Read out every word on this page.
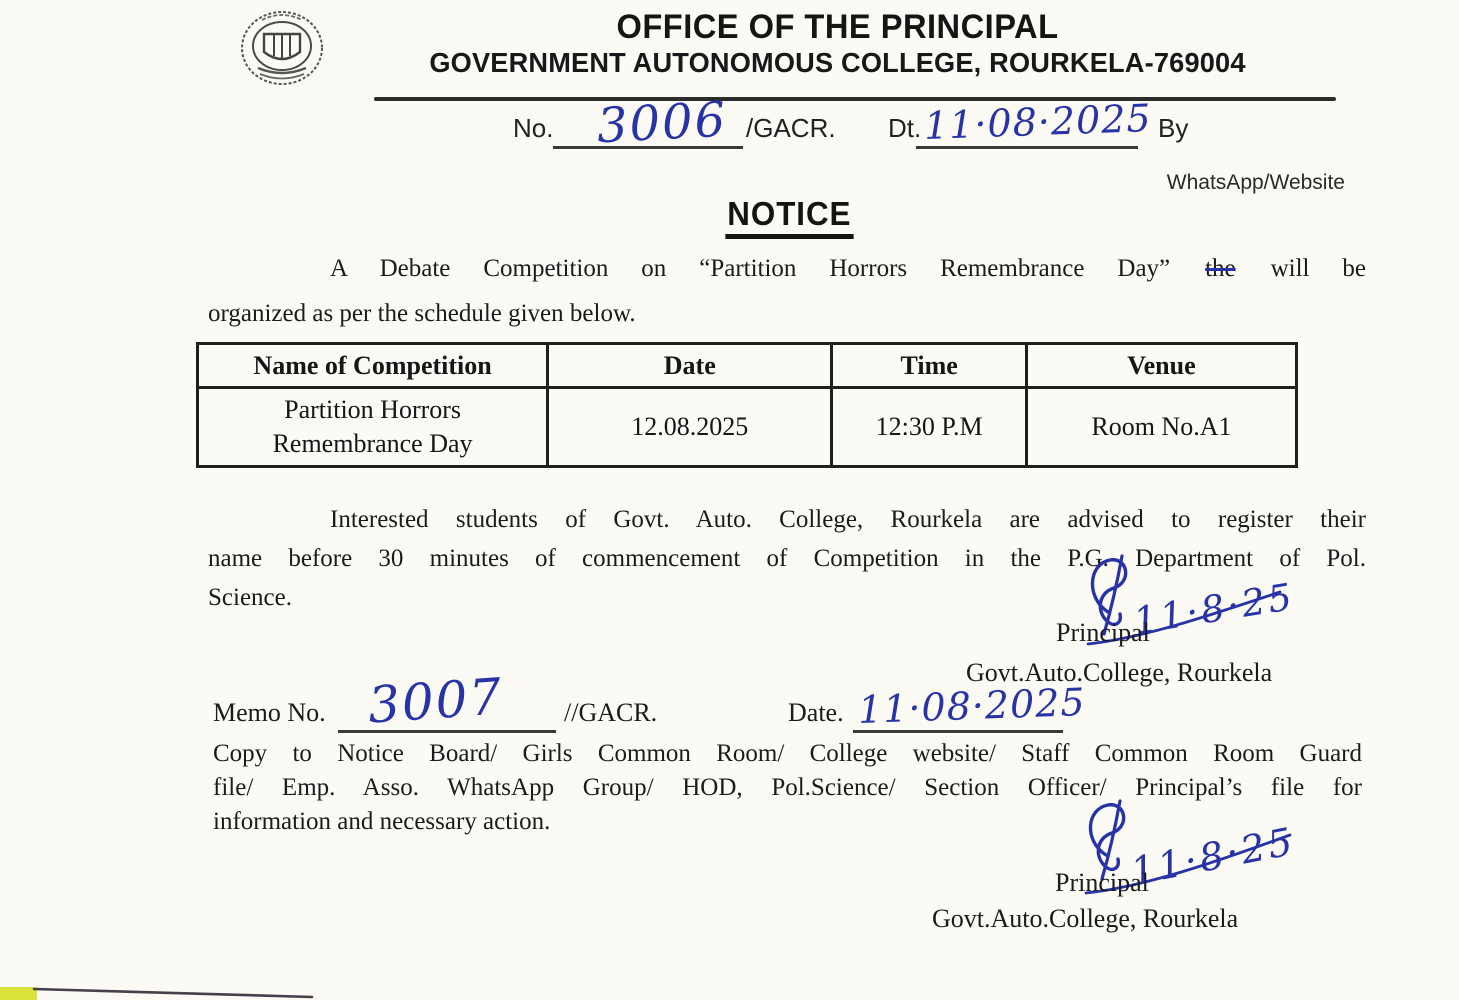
OFFICE OF THE PRINCIPAL
GOVERNMENT AUTONOMOUS COLLEGE, ROURKELA-769004
No. 3006 /GACR. Dt. 11·08·2025 By
WhatsApp/Website
NOTICE
A Debate Competition on “Partition Horrors Remembrance Day” the will be
organized as per the schedule given below.
Name of Competition	Date	Time	Venue

Partition Horrors
Remembrance Day	12.08.2025	12:30 P.M	Room No.A1
Interested students of Govt. Auto. College, Rourkela are advised to register their
name before 30 minutes of commencement of Competition in the P.G. Department of Pol.
Science.	11·8·25
Principal
Govt.Auto.College, Rourkela
Memo No. 3007 //GACR.	Date. 11·08·2025
Copy to Notice Board/ Girls Common Room/ College website/ Staff Common Room Guard
file/ Emp. Asso. WhatsApp Group/ HOD, Pol.Science/ Section Officer/ Principal’s file for
information and necessary action.	11·8·25
Principal
Govt.Auto.College, Rourkela
